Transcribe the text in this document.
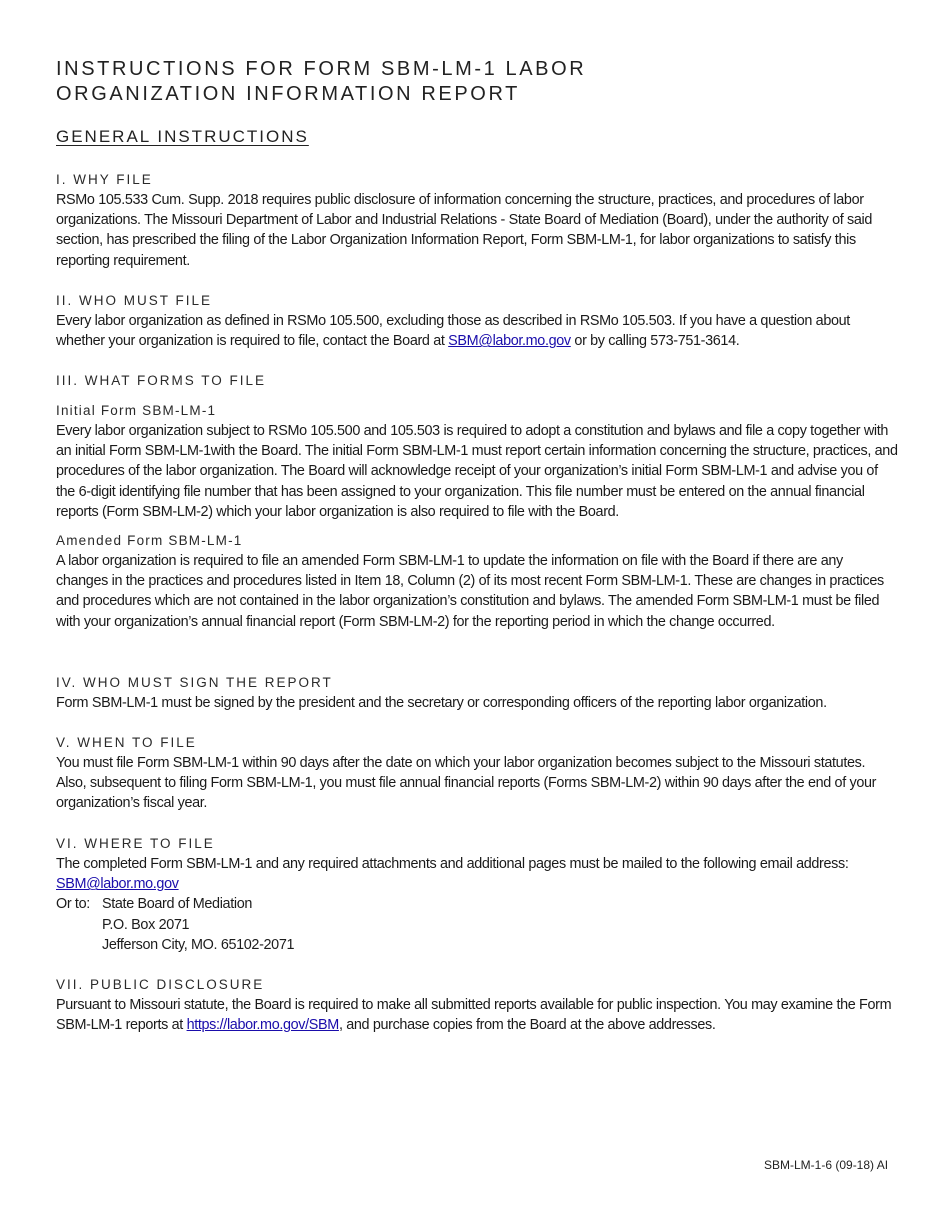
INSTRUCTIONS FOR FORM SBM-LM-1 LABOR
ORGANIZATION INFORMATION REPORT
GENERAL INSTRUCTIONS
I. WHY FILE
RSMo 105.533 Cum. Supp. 2018 requires public disclosure of information concerning the structure, practices, and procedures of labor organizations. The Missouri Department of Labor and Industrial Relations - State Board of Mediation (Board), under the authority of said section, has prescribed the filing of the Labor Organization Information Report, Form SBM-LM-1, for labor organizations to satisfy this reporting requirement.
II. WHO MUST FILE
Every labor organization as defined in RSMo 105.500, excluding those as described in RSMo 105.503. If you have a question about whether your organization is required to file, contact the Board at SBM@labor.mo.gov or by calling 573-751-3614.
III. WHAT FORMS TO FILE
Initial Form SBM-LM-1
Every labor organization subject to RSMo 105.500 and 105.503 is required to adopt a constitution and bylaws and file a copy together with an initial Form SBM-LM-1with the Board. The initial Form SBM-LM-1 must report certain information concerning the structure, practices, and procedures of the labor organization. The Board will acknowledge receipt of your organization’s initial Form SBM-LM-1 and advise you of the 6-digit identifying file number that has been assigned to your organization. This file number must be entered on the annual financial reports (Form SBM-LM-2) which your labor organization is also required to file with the Board.
Amended Form SBM-LM-1
A labor organization is required to file an amended Form SBM-LM-1 to update the information on file with the Board if there are any changes in the practices and procedures listed in Item 18, Column (2) of its most recent Form SBM-LM-1. These are changes in practices and procedures which are not contained in the labor organization’s constitution and bylaws. The amended Form SBM-LM-1 must be filed with your organization’s annual financial report (Form SBM-LM-2) for the reporting period in which the change occurred.
IV. WHO MUST SIGN THE REPORT
Form SBM-LM-1 must be signed by the president and the secretary or corresponding officers of the reporting labor organization.
V. WHEN TO FILE
You must file Form SBM-LM-1 within 90 days after the date on which your labor organization becomes subject to the Missouri statutes. Also, subsequent to filing Form SBM-LM-1, you must file annual financial reports (Forms SBM-LM-2) within 90 days after the end of your organization’s fiscal year.
VI. WHERE TO FILE
The completed Form SBM-LM-1 and any required attachments and additional pages must be mailed to the following email address:
SBM@labor.mo.gov
Or to: State Board of Mediation
P.O. Box 2071
Jefferson City, MO. 65102-2071
VII. PUBLIC DISCLOSURE
Pursuant to Missouri statute, the Board is required to make all submitted reports available for public inspection. You may examine the Form SBM-LM-1 reports at https://labor.mo.gov/SBM, and purchase copies from the Board at the above addresses.
SBM-LM-1-6 (09-18) AI
